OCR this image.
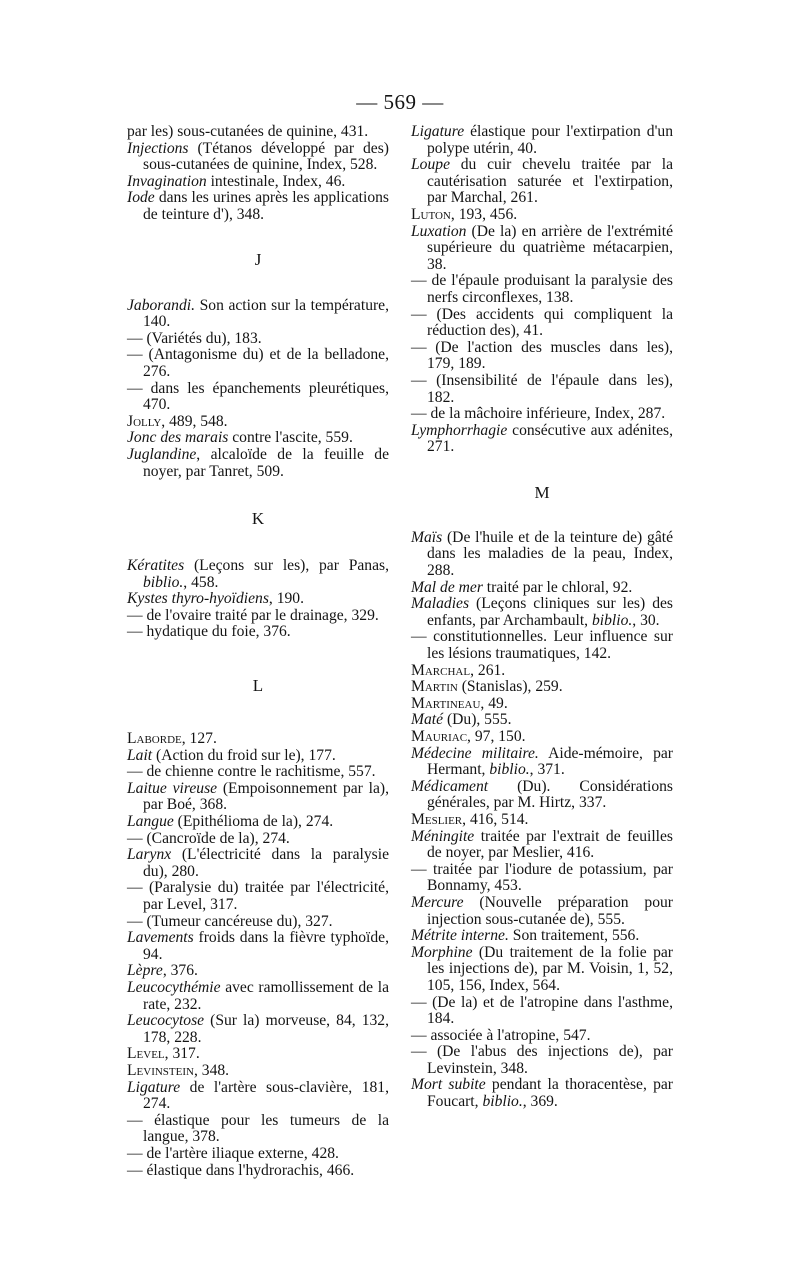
— 569 —

par les) sous-cutanées de quinine, 431.

Injections (Tétanos développé par des) sous-cutanées de quinine, Index, 528.

Invagination intestinale, Index, 46.

Iode dans les urines après les applications de teinture d'), 348.

J

Jaborandi. Son action sur la température, 140.

— (Variétés du), 183.

— (Antagonisme du) et de la belladone, 276.

— dans les épanchements pleurétiques, 470.

Jolly, 489, 548.

Jonc des marais contre l'ascite, 559.

Juglandine, alcaloïde de la feuille de noyer, par Tanret, 509.

K

Kératites (Leçons sur les), par Panas, biblio., 458.

Kystes thyro-hyoïdiens, 190.

— de l'ovaire traité par le drainage, 329.

— hydatique du foie, 376.

L

Laborde, 127.

Lait (Action du froid sur le), 177.

— de chienne contre le rachitisme, 557.

Laitue vireuse (Empoisonnement par la), par Boé, 368.

Langue (Epithélioma de la), 274.

— (Cancroïde de la), 274.

Larynx (L'électricité dans la paralysie du), 280.

— (Paralysie du) traitée par l'électricité, par Level, 317.

— (Tumeur cancéreuse du), 327.

Lavements froids dans la fièvre typhoïde, 94.

Lèpre, 376.

Leucocythémie avec ramollissement de la rate, 232.

Leucocytose (Sur la) morveuse, 84, 132, 178, 228.

Level, 317.

Levinstein, 348.

Ligature de l'artère sous-clavière, 181, 274.

— élastique pour les tumeurs de la langue, 378.

— de l'artère iliaque externe, 428.

— élastique dans l'hydrorachis, 466.

Ligature élastique pour l'extirpation d'un polype utérin, 40.

Loupe du cuir chevelu traitée par la cautérisation saturée et l'extirpation, par Marchal, 261.

Luton, 193, 456.

Luxation (De la) en arrière de l'extrémité supérieure du quatrième métacarpien, 38.

— de l'épaule produisant la paralysie des nerfs circonflexes, 138.

— (Des accidents qui compliquent la réduction des), 41.

— (De l'action des muscles dans les), 179, 189.

— (Insensibilité de l'épaule dans les), 182.

— de la mâchoire inférieure, Index, 287.

Lymphorrhagie consécutive aux adénites, 271.

M

Maïs (De l'huile et de la teinture de) gâté dans les maladies de la peau, Index, 288.

Mal de mer traité par le chloral, 92.

Maladies (Leçons cliniques sur les) des enfants, par Archambault, biblio., 30.

— constitutionnelles. Leur influence sur les lésions traumatiques, 142.

Marchal, 261.

Martin (Stanislas), 259.

Martineau, 49.

Maté (Du), 555.

Mauriac, 97, 150.

Médecine militaire. Aide-mémoire, par Hermant, biblio., 371.

Médicament (Du). Considérations générales, par M. Hirtz, 337.

Meslier, 416, 514.

Méningite traitée par l'extrait de feuilles de noyer, par Meslier, 416.

— traitée par l'iodure de potassium, par Bonnamy, 453.

Mercure (Nouvelle préparation pour injection sous-cutanée de), 555.

Métrite interne. Son traitement, 556.

Morphine (Du traitement de la folie par les injections de), par M. Voisin, 1, 52, 105, 156, Index, 564.

— (De la) et de l'atropine dans l'asthme, 184.

— associée à l'atropine, 547.

— (De l'abus des injections de), par Levinstein, 348.

Mort subite pendant la thoracentèse, par Foucart, biblio., 369.
